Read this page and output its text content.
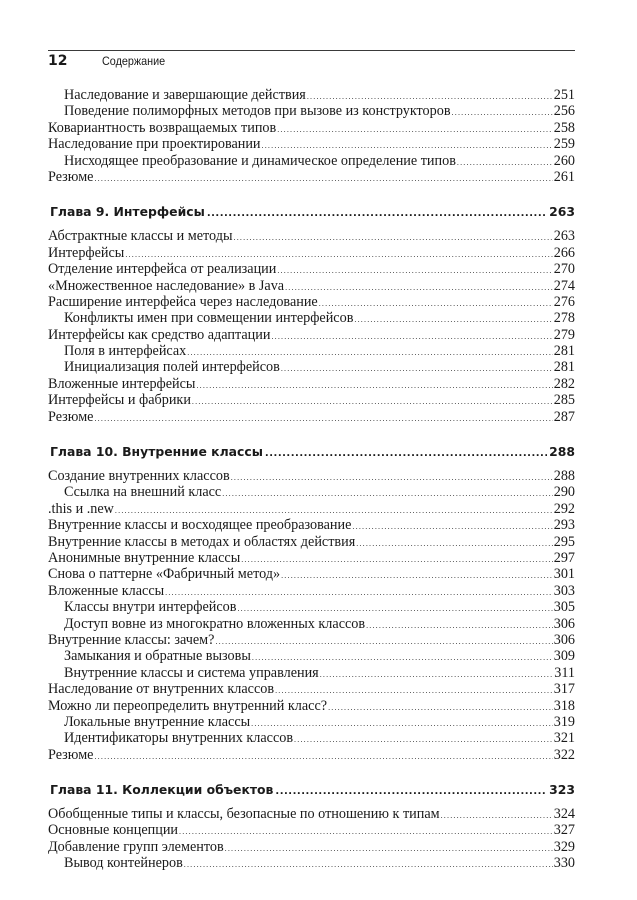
12	Содержание
Наследование и завершающие действия .....	251
Поведение полиморфных методов при вызове из конструкторов .....	256
Ковариантность возвращаемых типов .....	258
Наследование при проектировании .....	259
Нисходящее преобразование и динамическое определение типов .....	260
Резюме .....	261
Глава 9. Интерфейсы .....	263
Абстрактные классы и методы .....	263
Интерфейсы .....	266
Отделение интерфейса от реализации .....	270
«Множественное наследование» в Java .....	274
Расширение интерфейса через наследование .....	276
Конфликты имен при совмещении интерфейсов .....	278
Интерфейсы как средство адаптации .....	279
Поля в интерфейсах .....	281
Инициализация полей интерфейсов .....	281
Вложенные интерфейсы .....	282
Интерфейсы и фабрики .....	285
Резюме .....	287
Глава 10. Внутренние классы .....	288
Создание внутренних классов .....	288
Ссылка на внешний класс .....	290
.this и .new .....	292
Внутренние классы и восходящее преобразование .....	293
Внутренние классы в методах и областях действия .....	295
Анонимные внутренние классы .....	297
Снова о паттерне «Фабричный метод» .....	301
Вложенные классы .....	303
Классы внутри интерфейсов .....	305
Доступ вовне из многократно вложенных классов .....	306
Внутренние классы: зачем? .....	306
Замыкания и обратные вызовы .....	309
Внутренние классы и система управления .....	311
Наследование от внутренних классов .....	317
Можно ли переопределить внутренний класс? .....	318
Локальные внутренние классы .....	319
Идентификаторы внутренних классов .....	321
Резюме .....	322
Глава 11. Коллекции объектов .....	323
Обобщенные типы и классы, безопасные по отношению к типам .....	324
Основные концепции .....	327
Добавление групп элементов .....	329
Вывод контейнеров .....	330
